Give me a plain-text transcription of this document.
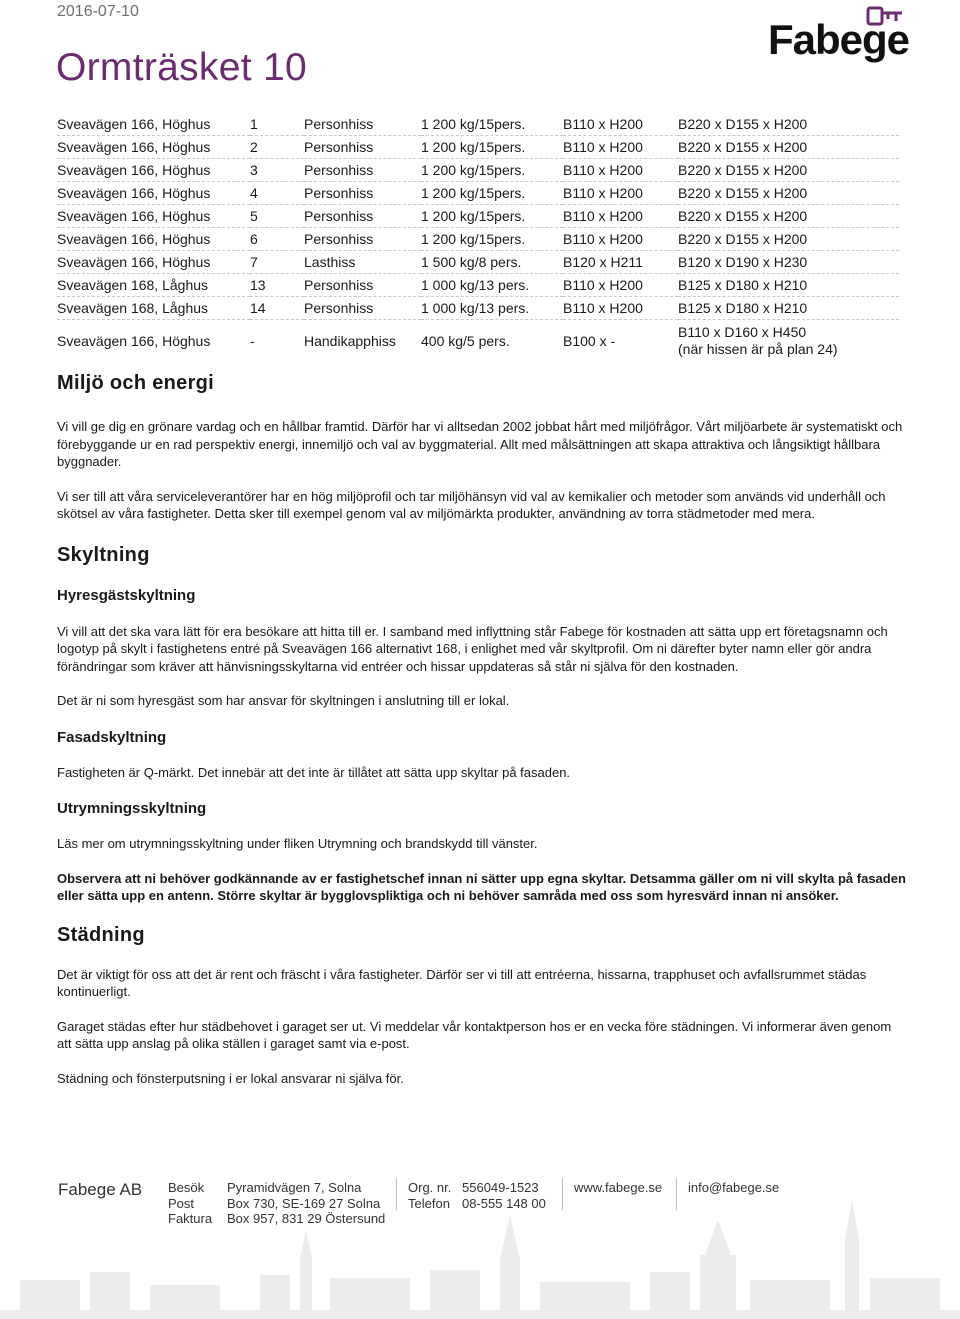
2016-07-10
Ormträsket 10
Fabege
Sveavägen 166, Höghus	1	Personhiss	1 200 kg/15pers.	B110 x H200	B220 x D155 x H200
Sveavägen 166, Höghus	2	Personhiss	1 200 kg/15pers.	B110 x H200	B220 x D155 x H200
Sveavägen 166, Höghus	3	Personhiss	1 200 kg/15pers.	B110 x H200	B220 x D155 x H200
Sveavägen 166, Höghus	4	Personhiss	1 200 kg/15pers.	B110 x H200	B220 x D155 x H200
Sveavägen 166, Höghus	5	Personhiss	1 200 kg/15pers.	B110 x H200	B220 x D155 x H200
Sveavägen 166, Höghus	6	Personhiss	1 200 kg/15pers.	B110 x H200	B220 x D155 x H200
Sveavägen 166, Höghus	7	Lasthiss	1 500 kg/8 pers.	B120 x H211	B120 x D190 x H230
Sveavägen 168, Låghus	13	Personhiss	1 000 kg/13 pers.	B110 x H200	B125 x D180 x H210
Sveavägen 168, Låghus	14	Personhiss	1 000 kg/13 pers.	B110 x H200	B125 x D180 x H210
Sveavägen 166, Höghus	-	Handikapphiss	400 kg/5 pers.	B100 x -	B110 x D160 x H450
(när hissen är på plan 24)
Miljö och energi

Vi vill ge dig en grönare vardag och en hållbar framtid. Därför har vi alltsedan 2002 jobbat hårt med miljöfrågor. Vårt miljöarbete är systematiskt och förebyggande ur en rad perspektiv energi, innemiljö och val av byggmaterial. Allt med målsättningen att skapa attraktiva och långsiktigt hållbara byggnader.

Vi ser till att våra serviceleverantörer har en hög miljöprofil och tar miljöhänsyn vid val av kemikalier och metoder som används vid underhåll och skötsel av våra fastigheter. Detta sker till exempel genom val av miljömärkta produkter, användning av torra städmetoder med mera.

Skyltning
Hyresgästskyltning

Vi vill att det ska vara lätt för era besökare att hitta till er. I samband med inflyttning står Fabege för kostnaden att sätta upp ert företagsnamn och logotyp på skylt i fastighetens entré på Sveavägen 166 alternativt 168, i enlighet med vår skyltprofil. Om ni därefter byter namn eller gör andra förändringar som kräver att hänvisningsskyltarna vid entréer och hissar uppdateras så står ni själva för den kostnaden.

Det är ni som hyresgäst som har ansvar för skyltningen i anslutning till er lokal.

Fasadskyltning

Fastigheten är Q-märkt. Det innebär att det inte är tillåtet att sätta upp skyltar på fasaden.

Utrymningsskyltning

Läs mer om utrymningsskyltning under fliken Utrymning och brandskydd till vänster.

Observera att ni behöver godkännande av er fastighetschef innan ni sätter upp egna skyltar. Detsamma gäller om ni vill skylta på fasaden eller sätta upp en antenn. Större skyltar är bygglovspliktiga och ni behöver samråda med oss som hyresvärd innan ni ansöker.

Städning

Det är viktigt för oss att det är rent och fräscht i våra fastigheter. Därför ser vi till att entréerna, hissarna, trapphuset och avfallsrummet städas kontinuerligt.

Garaget städas efter hur städbehovet i garaget ser ut. Vi meddelar vår kontaktperson hos er en vecka före städningen. Vi informerar även genom att sätta upp anslag på olika ställen i garaget samt via e-post.

Städning och fönsterputsning i er lokal ansvarar ni själva för.

Fabege AB Besök
Post
Faktura
Pyramidvägen 7, Solna
Box 730, SE-169 27 Solna
Box 957, 831 29 Östersund
Org. nr.
Telefon
556049-1523
08-555 148 00
www.fabege.se info@fabege.se
